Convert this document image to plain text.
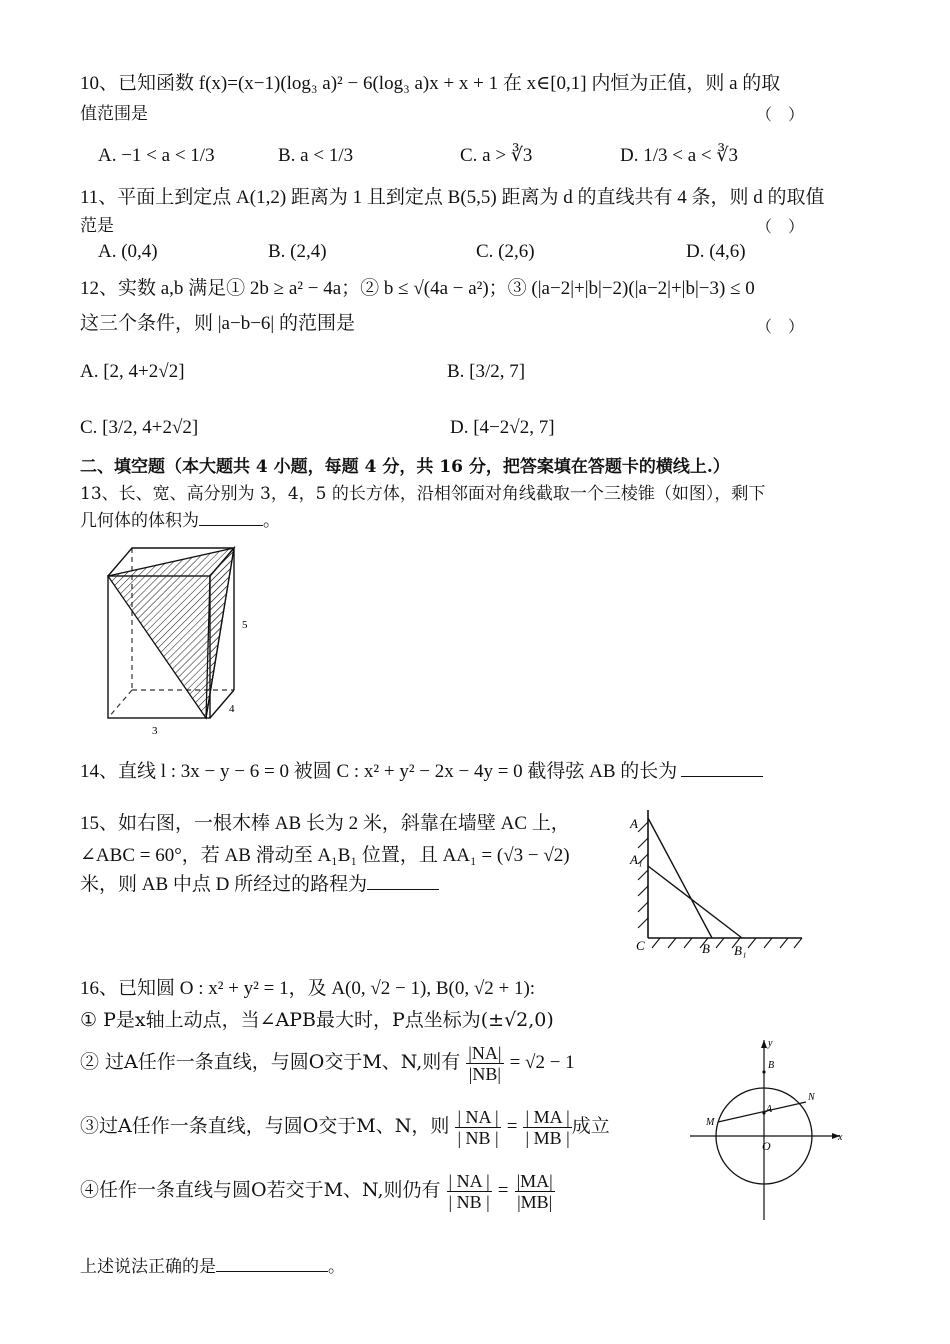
10、已知函数 f(x)=(x−1)(log₃ a)² − 6(log₃ a)x + x + 1 在 x∈[0,1] 内恒为正值，则 a 的取
值范围是	（　）
A. −1 < a < 1/3	B. a < 1/3	C. a > ∛3	D. 1/3 < a < ∛3
11、平面上到定点 A(1,2) 距离为 1 且到定点 B(5,5) 距离为 d 的直线共有 4 条，则 d 的取值
范是	（　）
A. (0,4)	B. (2,4)	C. (2,6)	D. (4,6)
12、实数 a,b 满足① 2b ≥ a² − 4a；② b ≤ √(4a − a²)；③ (|a−2|+|b|−2)(|a−2|+|b|−3) ≤ 0
这三个条件，则 |a−b−6| 的范围是	（　）
A. [2, 4+2√2]	B. [3/2, 7]
C. [3/2, 4+2√2]	D. [4−2√2, 7]
二、填空题（本大题共 4 小题，每题 4 分，共 16 分，把答案填在答题卡的横线上.）
13、长、宽、高分别为 3，4，5 的长方体，沿相邻面对角线截取一个三棱锥（如图），剩下
几何体的体积为	。
5
4
3
14、直线 l : 3x − y − 6 = 0 被圆 C : x² + y² − 2x − 4y = 0 截得弦 AB 的长为
15、如右图，一根木棒 AB 长为 2 米，斜靠在墙壁 AC 上，
∠ABC = 60°，若 AB 滑动至 A₁B₁ 位置，且 AA₁ = (√3 − √2)
米，则 AB 中点 D 所经过的路程为
A
A₁
C	B B₁
16、已知圆 O : x² + y² = 1，及 A(0, √2 − 1), B(0, √2 + 1):
① P是x轴上动点，当∠APB最大时，P点坐标为(±√2,0)
② 过A任作一条直线，与圆O交于M、N,则有 $\frac{|NA|}{|NB|} = √2 - 1$
③过A任作一条直线，与圆O交于M、N，则 $\frac{| NA |}{| NB |} = \frac{| MA |}{| MB |}$ 成立
④任作一条直线与圆O若交于M、N,则仍有 $\frac{| NA |}{| NB |} = \frac{|MA|}{|MB|}$
y
x
B
A
O
M
N
上述说法正确的是	。
